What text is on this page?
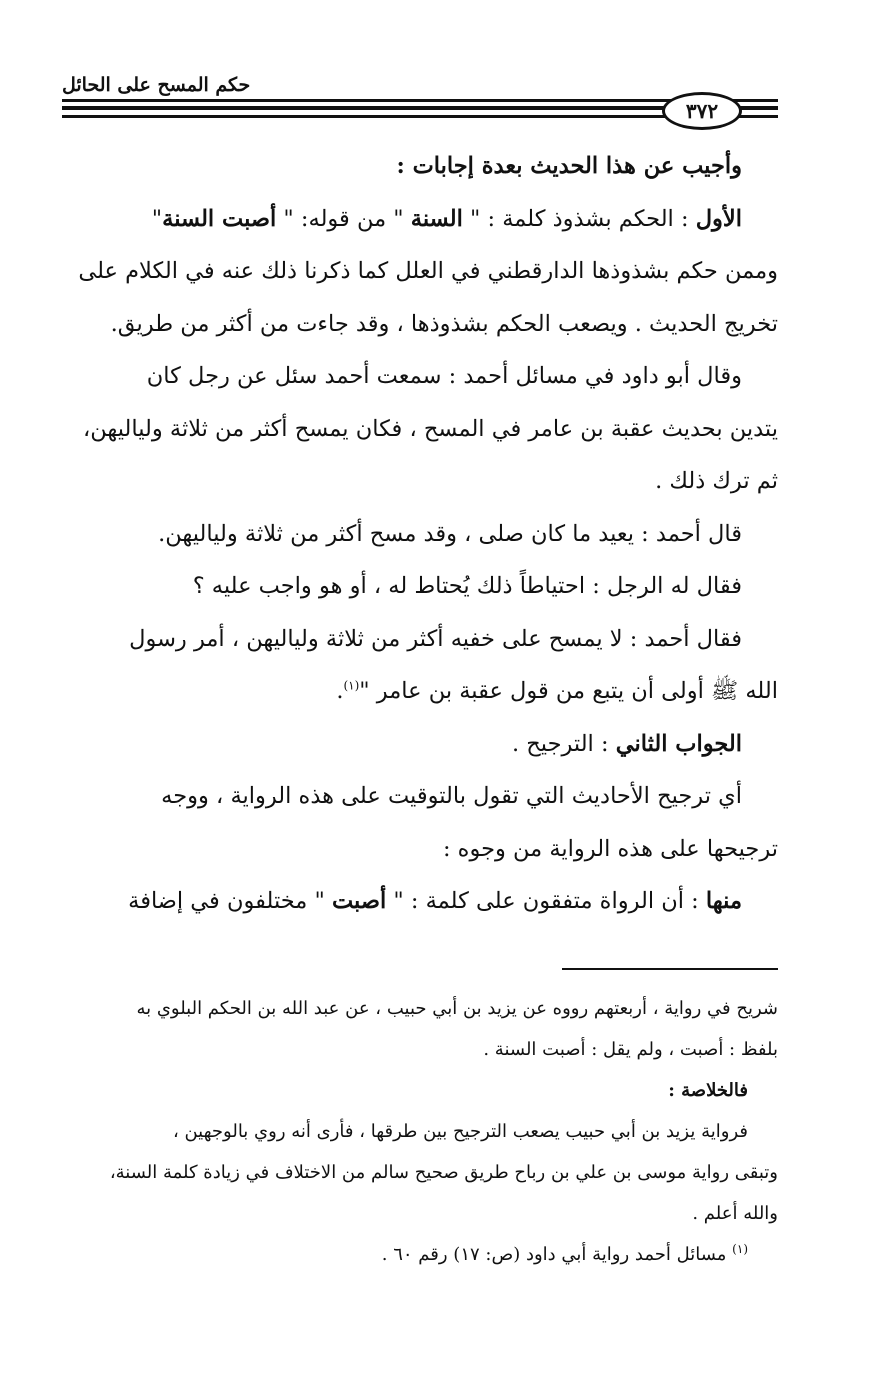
حكم المسح على الحائل
٣٧٢
وأجيب عن هذا الحديث بعدة إجابات :
الأول : الحكم بشذوذ كلمة : " السنة " من قوله: " أصبت السنة"
وممن حكم بشذوذها الدارقطني في العلل كما ذكرنا ذلك عنه في الكلام على
تخريج الحديث . ويصعب الحكم بشذوذها ، وقد جاءت من أكثر من طريق.
وقال أبو داود في مسائل أحمد : سمعت أحمد سئل عن رجل كان
يتدين بحديث عقبة بن عامر في المسح ، فكان يمسح أكثر من ثلاثة ولياليهن،
ثم ترك ذلك .
قال أحمد : يعيد ما كان صلى ، وقد مسح أكثر من ثلاثة ولياليهن.
فقال له الرجل : احتياطاً ذلك يُحتاط له ، أو هو واجب عليه ؟
فقال أحمد : لا يمسح على خفيه أكثر من ثلاثة ولياليهن ، أمر رسول
الله ﷺ أولى أن يتبع من قول عقبة بن عامر "$^{(١)}$.
الجواب الثاني : الترجيح .
أي ترجيح الأحاديث التي تقول بالتوقيت على هذه الرواية ، ووجه
ترجيحها على هذه الرواية من وجوه :
منها : أن الرواة متفقون على كلمة : " أصبت " مختلفون في إضافة
شريح في رواية ، أربعتهم رووه عن يزيد بن أبي حبيب ، عن عبد الله بن الحكم البلوي به
بلفظ : أصبت ، ولم يقل : أصبت السنة .
فالخلاصة :
فرواية يزيد بن أبي حبيب يصعب الترجيح بين طرقها ، فأرى أنه روي بالوجهين ،
وتبقى رواية موسى بن علي بن رباح طريق صحيح سالم من الاختلاف في زيادة كلمة السنة،
والله أعلم .
$^{(١)}$ مسائل أحمد رواية أبي داود (ص: ١٧) رقم ٦٠ .
